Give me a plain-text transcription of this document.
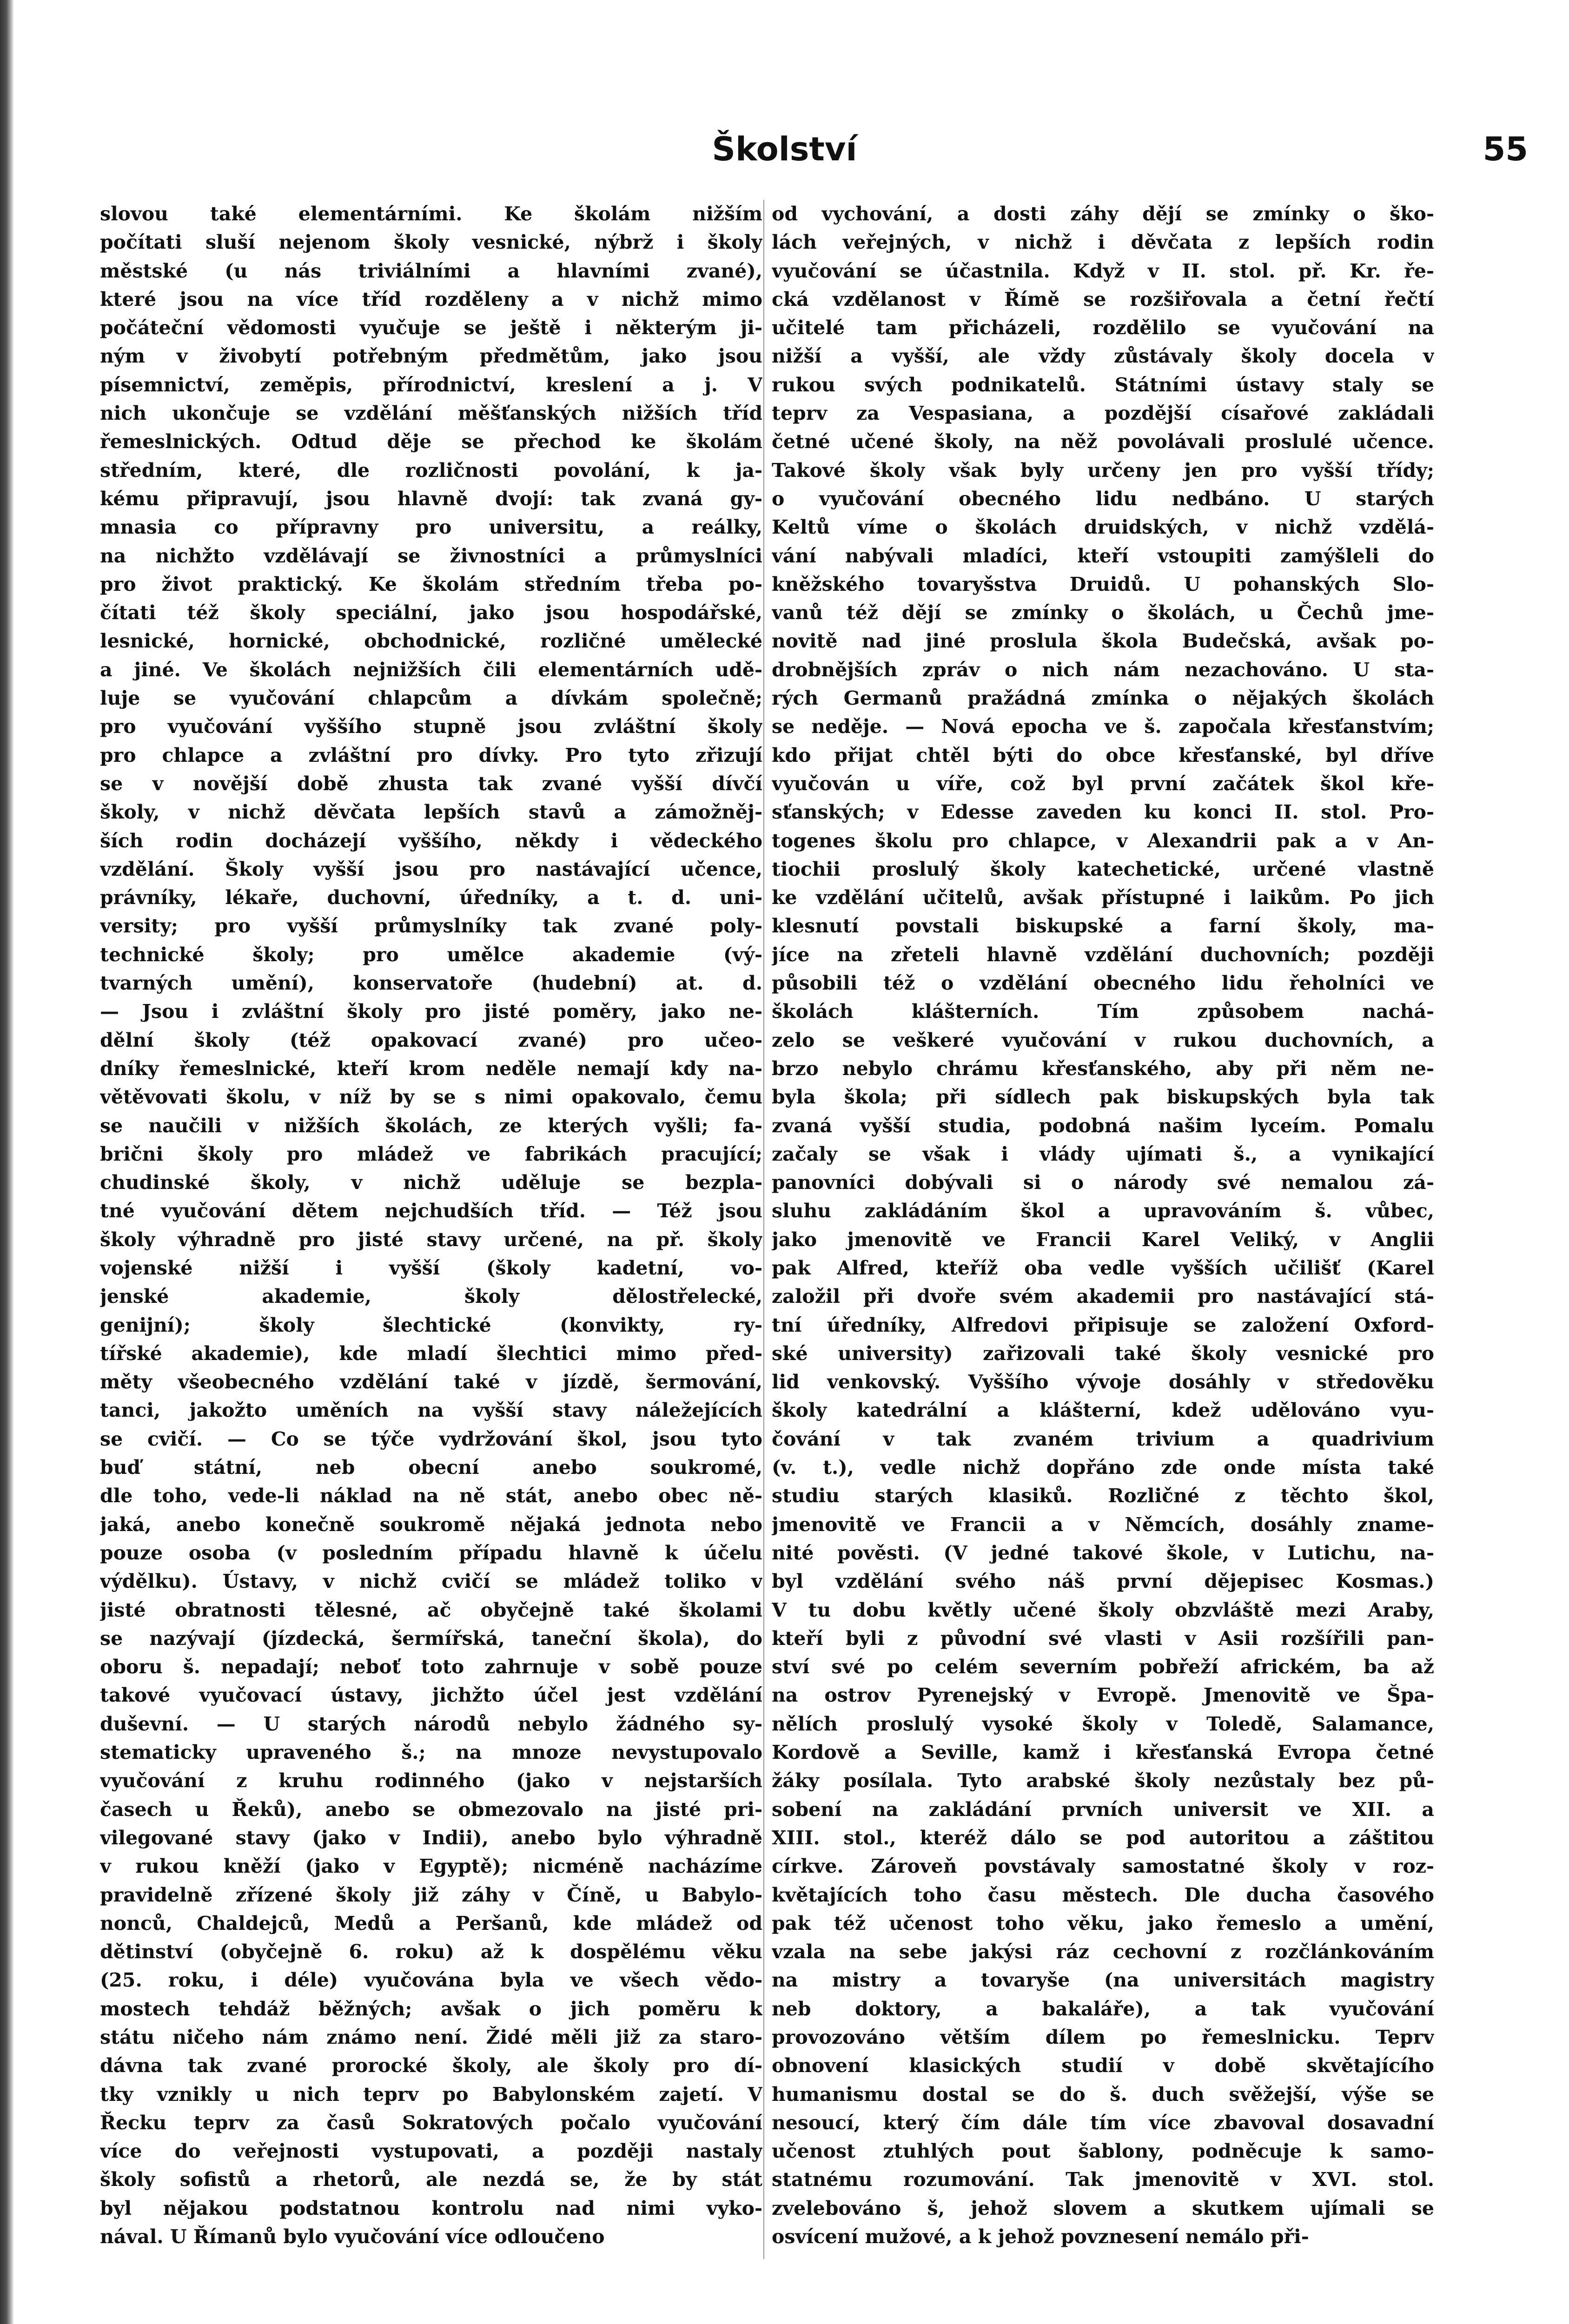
Školství	55
slovou také elementárními. Ke školám nižším
počítati sluší nejenom školy vesnické, nýbrž i školy
městské (u nás triviálními a hlavními zvané),
které jsou na více tříd rozděleny a v nichž mimo
počáteční vědomosti vyučuje se ještě i některým ji-
ným v živobytí potřebným předmětům, jako jsou
písemnictví, zeměpis, přírodnictví, kreslení a j. V
nich ukončuje se vzdělání měšťanských nižších tříd
řemeslnických. Odtud děje se přechod ke školám
středním, které, dle rozličnosti povolání, k ja-
kému připravují, jsou hlavně dvojí: tak zvaná gy-
mnasia co přípravny pro universitu, a reálky,
na nichžto vzdělávají se živnostníci a průmyslníci
pro život praktický. Ke školám středním třeba po-
čítati též školy speciální, jako jsou hospodářské,
lesnické, hornické, obchodnické, rozličné umělecké
a jiné. Ve školách nejnižších čili elementárních udě-
luje se vyučování chlapcům a dívkám společně;
pro vyučování vyššího stupně jsou zvláštní školy
pro chlapce a zvláštní pro dívky. Pro tyto zřizují
se v novější době zhusta tak zvané vyšší dívčí
školy, v nichž děvčata lepších stavů a zámožněj-
ších rodin docházejí vyššího, někdy i vědeckého
vzdělání. Školy vyšší jsou pro nastávající učence,
právníky, lékaře, duchovní, úředníky, a t. d. uni-
versity; pro vyšší průmyslníky tak zvané poly-
technické školy; pro umělce akademie (vý-
tvarných umění), konservatoře (hudební) at. d.
— Jsou i zvláštní školy pro jisté poměry, jako ne-
dělní školy (též opakovací zvané) pro učeo-
dníky řemeslnické, kteří krom neděle nemají kdy na-
větěvovati školu, v níž by se s nimi opakovalo, čemu
se naučili v nižších školách, ze kterých vyšli; fa-
brični školy pro mládež ve fabrikách pracující;
chudinské školy, v nichž uděluje se bezpla-
tné vyučování dětem nejchudších tříd. — Též jsou
školy výhradně pro jisté stavy určené, na př. školy
vojenské nižší i vyšší (školy kadetní, vo-
jenské akademie, školy dělostřelecké,
genijní); školy šlechtické (konvikty, ry-
tířské akademie), kde mladí šlechtici mimo před-
měty všeobecného vzdělání také v jízdě, šermování,
tanci, jakožto uměních na vyšší stavy náležejících
se cvičí. — Co se týče vydržování škol, jsou tyto
buď státní, neb obecní anebo soukromé,
dle toho, vede-li náklad na ně stát, anebo obec ně-
jaká, anebo konečně soukromě nějaká jednota nebo
pouze osoba (v posledním případu hlavně k účelu
výdělku). Ústavy, v nichž cvičí se mládež toliko v
jisté obratnosti tělesné, ač obyčejně také školami
se nazývají (jízdecká, šermířská, taneční škola), do
oboru š. nepadají; neboť toto zahrnuje v sobě pouze
takové vyučovací ústavy, jichžto účel jest vzdělání
duševní. — U starých národů nebylo žádného sy-
stematicky upraveného š.; na mnoze nevystupovalo
vyučování z kruhu rodinného (jako v nejstarších
časech u Řeků), anebo se obmezovalo na jisté pri-
vilegované stavy (jako v Indii), anebo bylo výhradně
v rukou kněží (jako v Egyptě); nicméně nacházíme
pravidelně zřízené školy již záhy v Číně, u Babylo-
nonců, Chaldejců, Medů a Peršanů, kde mládež od
dětinství (obyčejně 6. roku) až k dospělému věku
(25. roku, i déle) vyučována byla ve všech vědo-
mostech tehdáž běžných; avšak o jich poměru k
státu ničeho nám známo není. Židé měli již za staro-
dávna tak zvané prorocké školy, ale školy pro dí-
tky vznikly u nich teprv po Babylonském zajetí. V
Řecku teprv za časů Sokratových počalo vyučování
více do veřejnosti vystupovati, a později nastaly
školy sofistů a rhetorů, ale nezdá se, že by stát
byl nějakou podstatnou kontrolu nad nimi vyko-
nával. U Římanů bylo vyučování více odloučeno
od vychování, a dosti záhy dějí se zmínky o ško-
lách veřejných, v nichž i děvčata z lepších rodin
vyučování se účastnila. Když v II. stol. př. Kr. ře-
cká vzdělanost v Římě se rozšiřovala a četní řečtí
učitelé tam přicházeli, rozdělilo se vyučování na
nižší a vyšší, ale vždy zůstávaly školy docela v
rukou svých podnikatelů. Státními ústavy staly se
teprv za Vespasiana, a pozdější císařové zakládali
četné učené školy, na něž povolávali proslulé učence.
Takové školy však byly určeny jen pro vyšší třídy;
o vyučování obecného lidu nedbáno. U starých
Keltů víme o školách druidských, v nichž vzdělá-
vání nabývali mladíci, kteří vstoupiti zamýšleli do
kněžského tovaryšstva Druidů. U pohanských Slo-
vanů též dějí se zmínky o školách, u Čechů jme-
novitě nad jiné proslula škola Budečská, avšak po-
drobnějších zpráv o nich nám nezachováno. U sta-
rých Germanů pražádná zmínka o nějakých školách
se neděje. — Nová epocha ve š. započala křesťanstvím;
kdo přijat chtěl býti do obce křesťanské, byl dříve
vyučován u víře, což byl první začátek škol kře-
sťanských; v Edesse zaveden ku konci II. stol. Pro-
togenes školu pro chlapce, v Alexandrii pak a v An-
tiochii proslulý školy katechetické, určené vlastně
ke vzdělání učitelů, avšak přístupné i laikům. Po jich
klesnutí povstali biskupské a farní školy, ma-
jíce na zřeteli hlavně vzdělání duchovních; později
působili též o vzdělání obecného lidu řeholníci ve
školách klášterních. Tím způsobem nachá-
zelo se veškeré vyučování v rukou duchovních, a
brzo nebylo chrámu křesťanského, aby při něm ne-
byla škola; při sídlech pak biskupských byla tak
zvaná vyšší studia, podobná našim lyceím. Pomalu
začaly se však i vlády ujímati š., a vynikající
panovníci dobývali si o národy své nemalou zá-
sluhu zakládáním škol a upravováním š. vůbec,
jako jmenovitě ve Francii Karel Veliký, v Anglii
pak Alfred, kteříž oba vedle vyšších učilišť (Karel
založil při dvoře svém akademii pro nastávající stá-
tní úředníky, Alfredovi připisuje se založení Oxford-
ské university) zařizovali také školy vesnické pro
lid venkovský. Vyššího vývoje dosáhly v středověku
školy katedrální a klášterní, kdež udělováno vyu-
čování v tak zvaném trivium a quadrivium
(v. t.), vedle nichž dopřáno zde onde místa také
studiu starých klasiků. Rozličné z těchto škol,
jmenovitě ve Francii a v Němcích, dosáhly zname-
nité pověsti. (V jedné takové škole, v Lutichu, na-
byl vzdělání svého náš první dějepisec Kosmas.)
V tu dobu květly učené školy obzvláště mezi Araby,
kteří byli z původní své vlasti v Asii rozšířili pan-
ství své po celém severním pobřeží africkém, ba až
na ostrov Pyrenejský v Evropě. Jmenovitě ve Špa-
nělích proslulý vysoké školy v Toledě, Salamance,
Kordově a Seville, kamž i křesťanská Evropa četné
žáky posílala. Tyto arabské školy nezůstaly bez pů-
sobení na zakládání prvních universit ve XII. a
XIII. stol., kteréž dálo se pod autoritou a záštitou
církve. Zároveň povstávaly samostatné školy v roz-
květajících toho času městech. Dle ducha časového
pak též učenost toho věku, jako řemeslo a umění,
vzala na sebe jakýsi ráz cechovní z rozčlánkováním
na mistry a tovaryše (na universitách magistry
neb doktory, a bakaláře), a tak vyučování
provozováno větším dílem po řemeslnicku. Teprv
obnovení klasických studií v době skvětajícího
humanismu dostal se do š. duch svěžejší, výše se
nesoucí, který čím dále tím více zbavoval dosavadní
učenost ztuhlých pout šablony, podněcuje k samo-
statnému rozumování. Tak jmenovitě v XVI. stol.
zvelebováno š, jehož slovem a skutkem ujímali se
osvícení mužové, a k jehož povznesení nemálo při-
